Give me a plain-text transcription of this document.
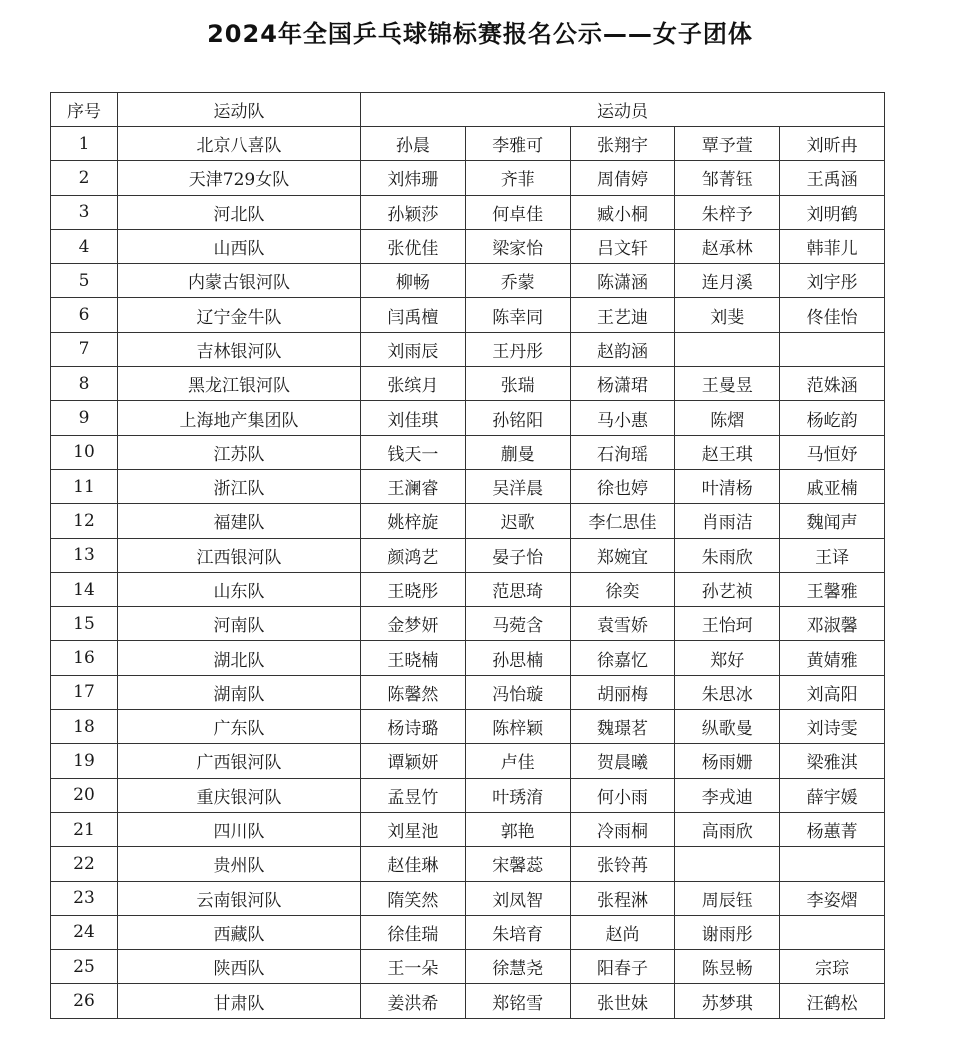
2024年全国乒乓球锦标赛报名公示——女子团体
序号	运动队	运动员				
1	北京八喜队	孙晨	李雅可	张翔宇	覃予萱	刘昕冉
2	天津729女队	刘炜珊	齐菲	周倩婷	邹菁钰	王禹涵
3	河北队	孙颖莎	何卓佳	臧小桐	朱梓予	刘明鹤
4	山西队	张优佳	梁家怡	吕文轩	赵承林	韩菲儿
5	内蒙古银河队	柳畅	乔蒙	陈潇涵	连月溪	刘宇彤
6	辽宁金牛队	闫禹檀	陈幸同	王艺迪	刘斐	佟佳怡
7	吉林银河队	刘雨辰	王丹彤	赵韵涵		
8	黑龙江银河队	张缤月	张瑞	杨潇珺	王曼昱	范姝涵
9	上海地产集团队	刘佳琪	孙铭阳	马小惠	陈熠	杨屹韵
10	江苏队	钱天一	蒯曼	石洵瑶	赵王琪	马恒妤
11	浙江队	王澜睿	吴洋晨	徐也婷	叶清杨	戚亚楠
12	福建队	姚梓旋	迟歌	李仁思佳	肖雨洁	魏闻声
13	江西银河队	颜鸿艺	晏子怡	郑婉宜	朱雨欣	王译
14	山东队	王晓彤	范思琦	徐奕	孙艺祯	王馨雅
15	河南队	金梦妍	马菀含	袁雪娇	王怡珂	邓淑馨
16	湖北队	王晓楠	孙思楠	徐嘉忆	郑好	黄婧雅
17	湖南队	陈馨然	冯怡璇	胡丽梅	朱思冰	刘高阳
18	广东队	杨诗璐	陈梓颖	魏璟茗	纵歌曼	刘诗雯
19	广西银河队	谭颖妍	卢佳	贺晨曦	杨雨姗	梁雅淇
20	重庆银河队	孟昱竹	叶琇淯	何小雨	李戎迪	薛宇媛
21	四川队	刘星池	郭艳	冷雨桐	高雨欣	杨蕙菁
22	贵州队	赵佳琳	宋馨蕊	张铃苒		
23	云南银河队	隋笑然	刘凤智	张程淋	周辰钰	李姿熠
24	西藏队	徐佳瑞	朱培育	赵尚	谢雨彤	
25	陕西队	王一朵	徐慧尧	阳春子	陈昱畅	宗琮
26	甘肃队	姜洪希	郑铭雪	张世妹	苏梦琪	汪鹤松
